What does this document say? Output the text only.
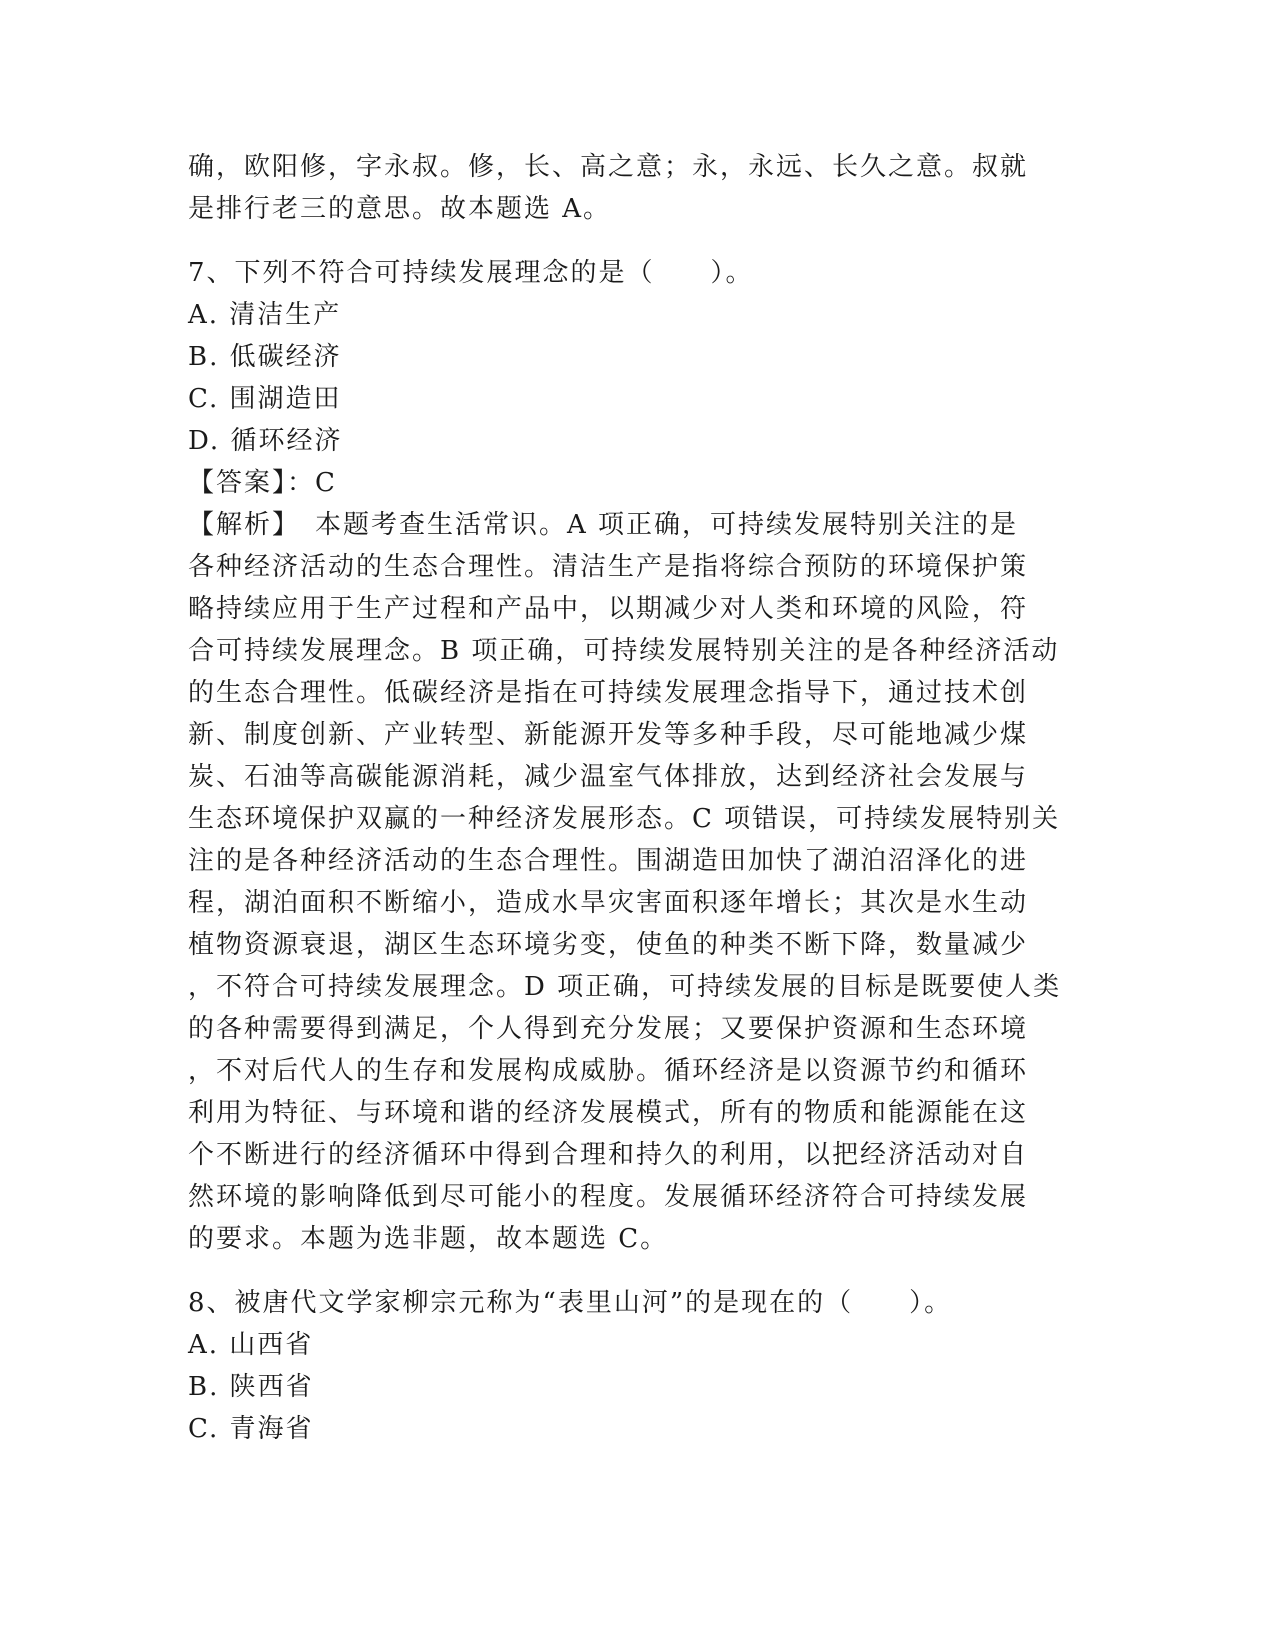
确，欧阳修，字永叔。修，长、高之意；永，永远、长久之意。叔就
是排行老三的意思。故本题选 A。
7、下列不符合可持续发展理念的是（　　）。
A. 清洁生产
B. 低碳经济
C. 围湖造田
D. 循环经济
【答案】：C
【解析】　本题考查生活常识。A 项正确，可持续发展特别关注的是
各种经济活动的生态合理性。清洁生产是指将综合预防的环境保护策
略持续应用于生产过程和产品中，以期减少对人类和环境的风险，符
合可持续发展理念。B 项正确，可持续发展特别关注的是各种经济活动
的生态合理性。低碳经济是指在可持续发展理念指导下，通过技术创
新、制度创新、产业转型、新能源开发等多种手段，尽可能地减少煤
炭、石油等高碳能源消耗，减少温室气体排放，达到经济社会发展与
生态环境保护双赢的一种经济发展形态。C 项错误，可持续发展特别关
注的是各种经济活动的生态合理性。围湖造田加快了湖泊沼泽化的进
程，湖泊面积不断缩小，造成水旱灾害面积逐年增长；其次是水生动
植物资源衰退，湖区生态环境劣变，使鱼的种类不断下降，数量减少
，不符合可持续发展理念。D 项正确，可持续发展的目标是既要使人类
的各种需要得到满足，个人得到充分发展；又要保护资源和生态环境
，不对后代人的生存和发展构成威胁。循环经济是以资源节约和循环
利用为特征、与环境和谐的经济发展模式，所有的物质和能源能在这
个不断进行的经济循环中得到合理和持久的利用，以把经济活动对自
然环境的影响降低到尽可能小的程度。发展循环经济符合可持续发展
的要求。本题为选非题，故本题选 C。
8、被唐代文学家柳宗元称为“表里山河”的是现在的（　　）。
A. 山西省
B. 陕西省
C. 青海省
